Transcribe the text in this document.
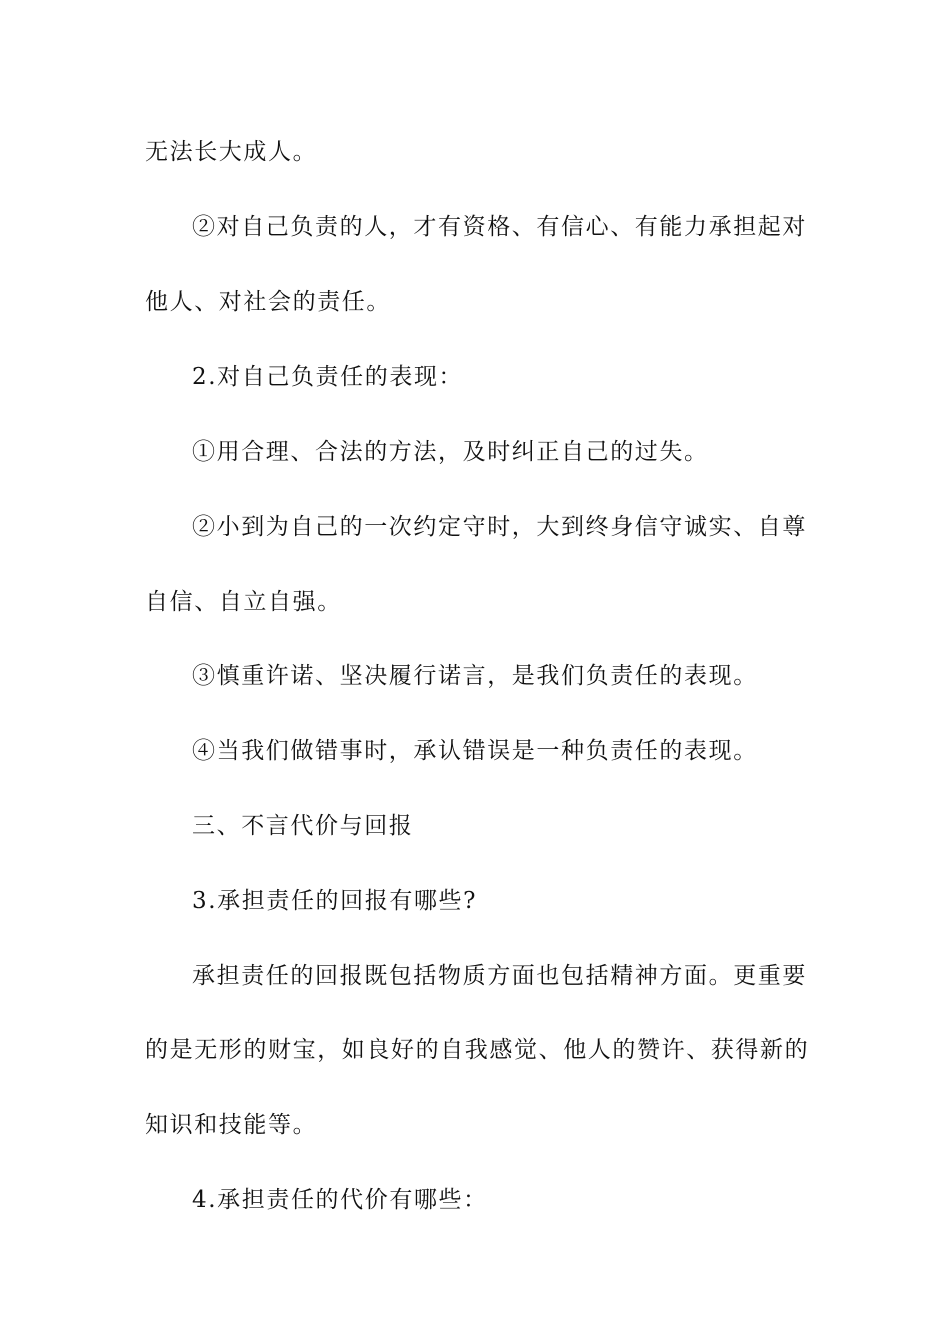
无法长大成人。
②对自己负责的人，才有资格、有信心、有能力承担起对
他人、对社会的责任。
2.对自己负责任的表现：
①用合理、合法的方法，及时纠正自己的过失。
②小到为自己的一次约定守时，大到终身信守诚实、自尊
自信、自立自强。
③慎重许诺、坚决履行诺言，是我们负责任的表现。
④当我们做错事时，承认错误是一种负责任的表现。
三、不言代价与回报
3.承担责任的回报有哪些?
承担责任的回报既包括物质方面也包括精神方面。更重要
的是无形的财宝，如良好的自我感觉、他人的赞许、获得新的
知识和技能等。
4.承担责任的代价有哪些：
